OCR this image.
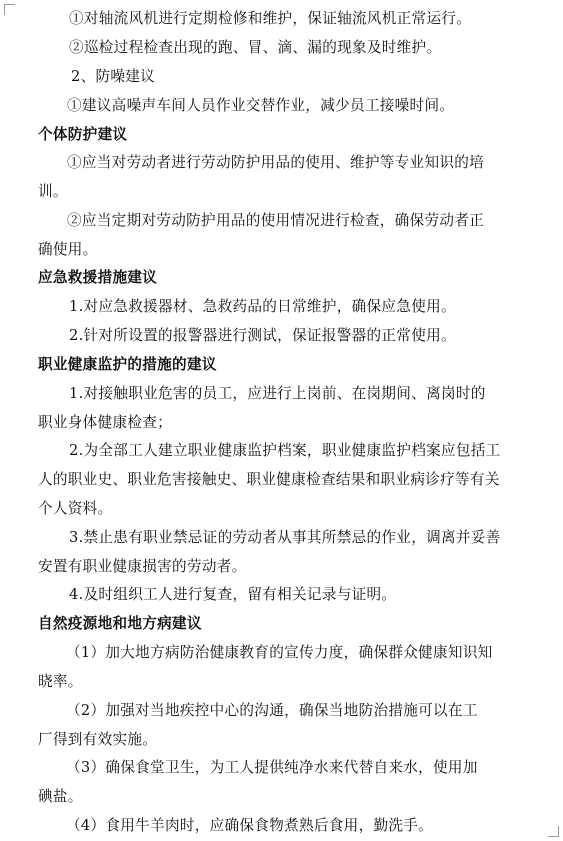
①对轴流风机进行定期检修和维护，保证轴流风机正常运行。
②巡检过程检查出现的跑、冒、滴、漏的现象及时维护。
2、防噪建议
①建议高噪声车间人员作业交替作业，减少员工接噪时间。
个体防护建议
①应当对劳动者进行劳动防护用品的使用、维护等专业知识的培
训。
②应当定期对劳动防护用品的使用情况进行检查，确保劳动者正
确使用。
应急救援措施建议
1.对应急救援器材、急救药品的日常维护，确保应急使用。
2.针对所设置的报警器进行测试，保证报警器的正常使用。
职业健康监护的措施的建议
1.对接触职业危害的员工，应进行上岗前、在岗期间、离岗时的
职业身体健康检查；
2.为全部工人建立职业健康监护档案，职业健康监护档案应包括工
人的职业史、职业危害接触史、职业健康检查结果和职业病诊疗等有关
个人资料。
3.禁止患有职业禁忌证的劳动者从事其所禁忌的作业，调离并妥善
安置有职业健康损害的劳动者。
4.及时组织工人进行复查，留有相关记录与证明。
自然疫源地和地方病建议
（1）加大地方病防治健康教育的宣传力度，确保群众健康知识知
晓率。
（2）加强对当地疾控中心的沟通，确保当地防治措施可以在工
厂得到有效实施。
（3）确保食堂卫生，为工人提供纯净水来代替自来水，使用加
碘盐。
（4）食用牛羊肉时，应确保食物煮熟后食用，勤洗手。
